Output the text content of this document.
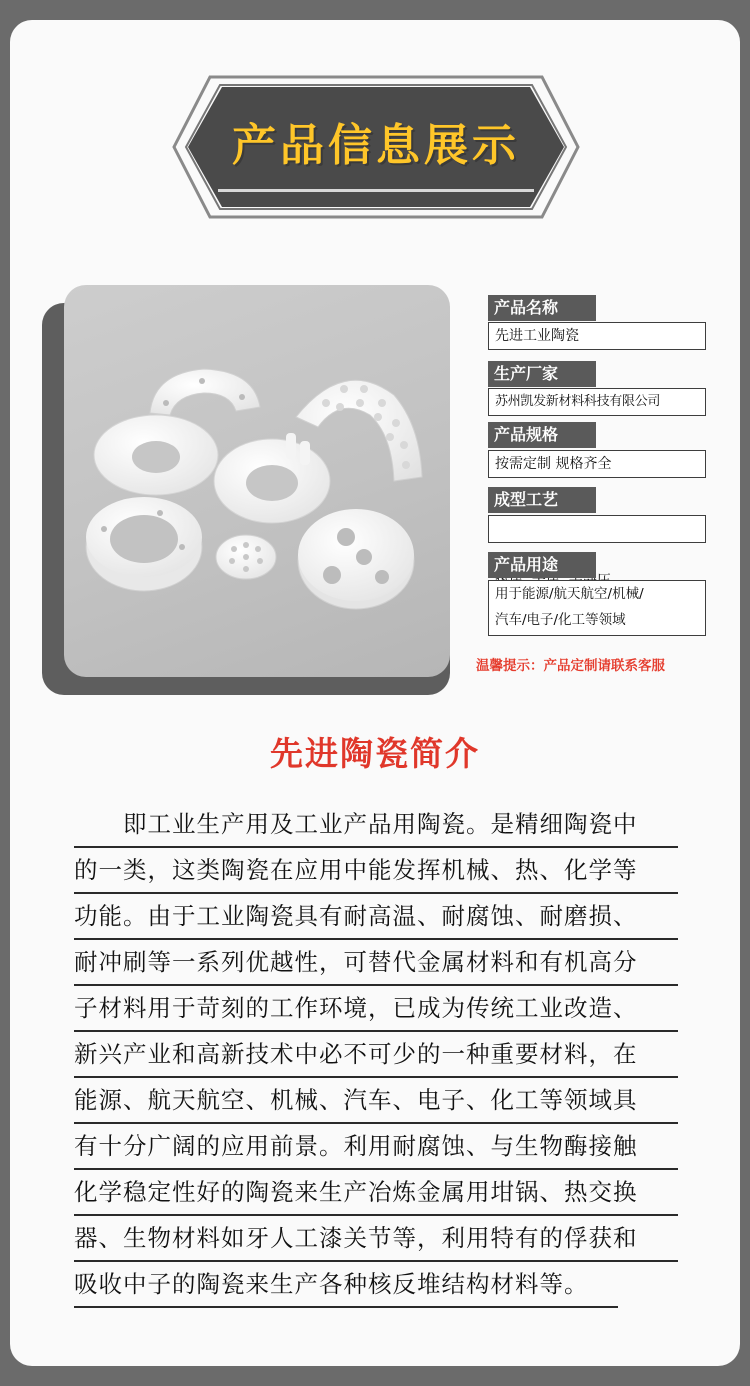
产品信息展示
产品名称
先进工业陶瓷
生产厂家
苏州凯发新材料科技有限公司
产品规格
按需定制 规格齐全
成型工艺

产品用途
用于能源/航天航空/机械/
汽车/电子/化工等领域
温馨提示：产品定制请联系客服
先进陶瓷简介
　　即工业生产用及工业产品用陶瓷。是精细陶瓷中
的一类，这类陶瓷在应用中能发挥机械、热、化学等
功能。由于工业陶瓷具有耐高温、耐腐蚀、耐磨损、
耐冲刷等一系列优越性，可替代金属材料和有机高分
子材料用于苛刻的工作环境，已成为传统工业改造、
新兴产业和高新技术中必不可少的一种重要材料，在
能源、航天航空、机械、汽车、电子、化工等领域具
有十分广阔的应用前景。利用耐腐蚀、与生物酶接触
化学稳定性好的陶瓷来生产冶炼金属用坩锅、热交换
器、生物材料如牙人工漆关节等，利用特有的俘获和
吸收中子的陶瓷来生产各种核反堆结构材料等。
